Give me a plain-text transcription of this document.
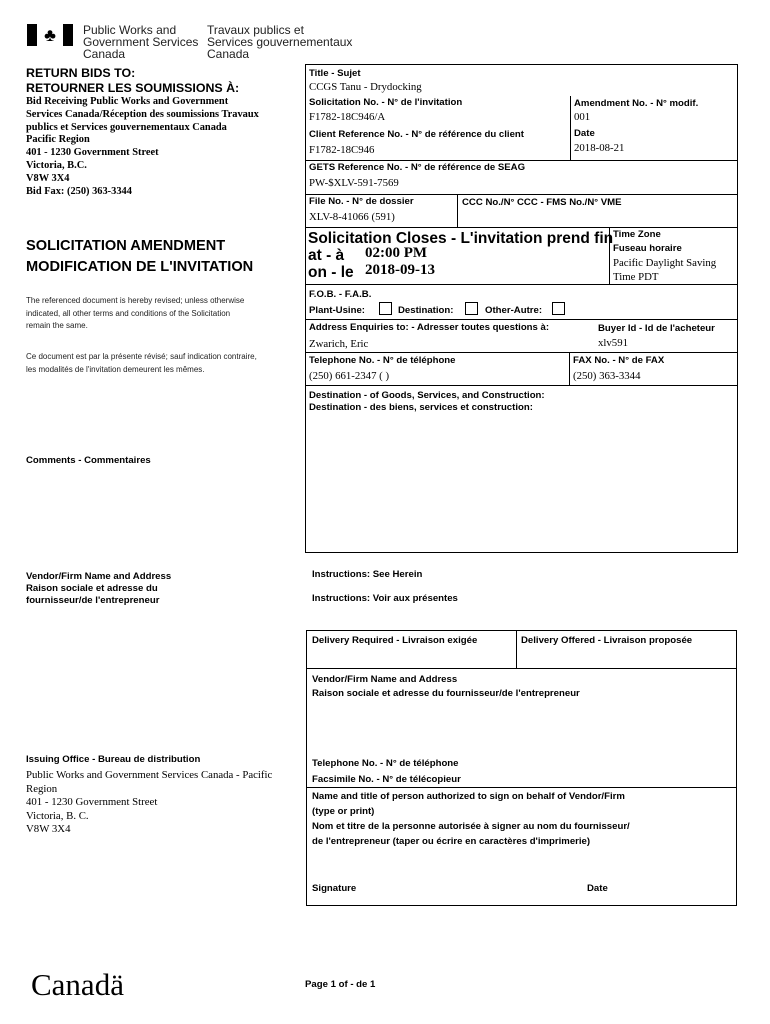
♣ Public Works and
Government Services
Canada
Travaux publics et
Services gouvernementaux
Canada
RETURN BIDS TO:
RETOURNER LES SOUMISSIONS À:
Bid Receiving Public Works and Government
Services Canada/Réception des soumissions Travaux
publics et Services gouvernementaux Canada
Pacific Region
401 - 1230 Government Street
Victoria, B.C.
V8W 3X4
Bid Fax: (250) 363-3344
SOLICITATION AMENDMENT
MODIFICATION DE L'INVITATION
The referenced document is hereby revised; unless otherwise
indicated, all other terms and conditions of the Solicitation
remain the same.
Ce document est par la présente révisé; sauf indication contraire,
les modalités de l'invitation demeurent les mêmes.
Comments - Commentaires
Vendor/Firm Name and Address
Raison sociale et adresse du
fournisseur/de l'entrepreneur
Issuing Office - Bureau de distribution
Public Works and Government Services Canada - Pacific
Region
401 - 1230 Government Street
Victoria, B. C.
V8W 3X4
Title - Sujet
CCGS Tanu - Drydocking
Solicitation No. - N° de l'invitation
F1782-18C946/A
Amendment No. - N° modif.
001
Client Reference No. - N° de référence du client
F1782-18C946
Date
2018-08-21
GETS Reference No. - N° de référence de SEAG
PW-$XLV-591-7569
File No. - N° de dossier
XLV-8-41066 (591)
CCC No./N° CCC - FMS No./N° VME
Solicitation Closes - L'invitation prend fin
at - à 02:00 PM
on - le 2018-09-13
Time Zone
Fuseau horaire
Pacific Daylight Saving
Time PDT
F.O.B. - F.A.B.
Plant-Usine:	Destination:	Other-Autre:
Address Enquiries to: - Adresser toutes questions à:
Zwarich, Eric
Buyer Id - Id de l'acheteur
xlv591
Telephone No. - N° de téléphone
(250) 661-2347 ( )
FAX No. - N° de FAX
(250) 363-3344
Destination - of Goods, Services, and Construction:
Destination - des biens, services et construction:
Instructions: See Herein
Instructions: Voir aux présentes
Delivery Required - Livraison exigée	Delivery Offered - Livraison proposée
Vendor/Firm Name and Address
Raison sociale et adresse du fournisseur/de l'entrepreneur
Telephone No. - N° de téléphone
Facsimile No. - N° de télécopieur
Name and title of person authorized to sign on behalf of Vendor/Firm
(type or print)
Nom et titre de la personne autorisée à signer au nom du fournisseur/
de l'entrepreneur (taper ou écrire en caractères d'imprimerie)
Signature	Date
Canadä	Page 1 of - de 1
